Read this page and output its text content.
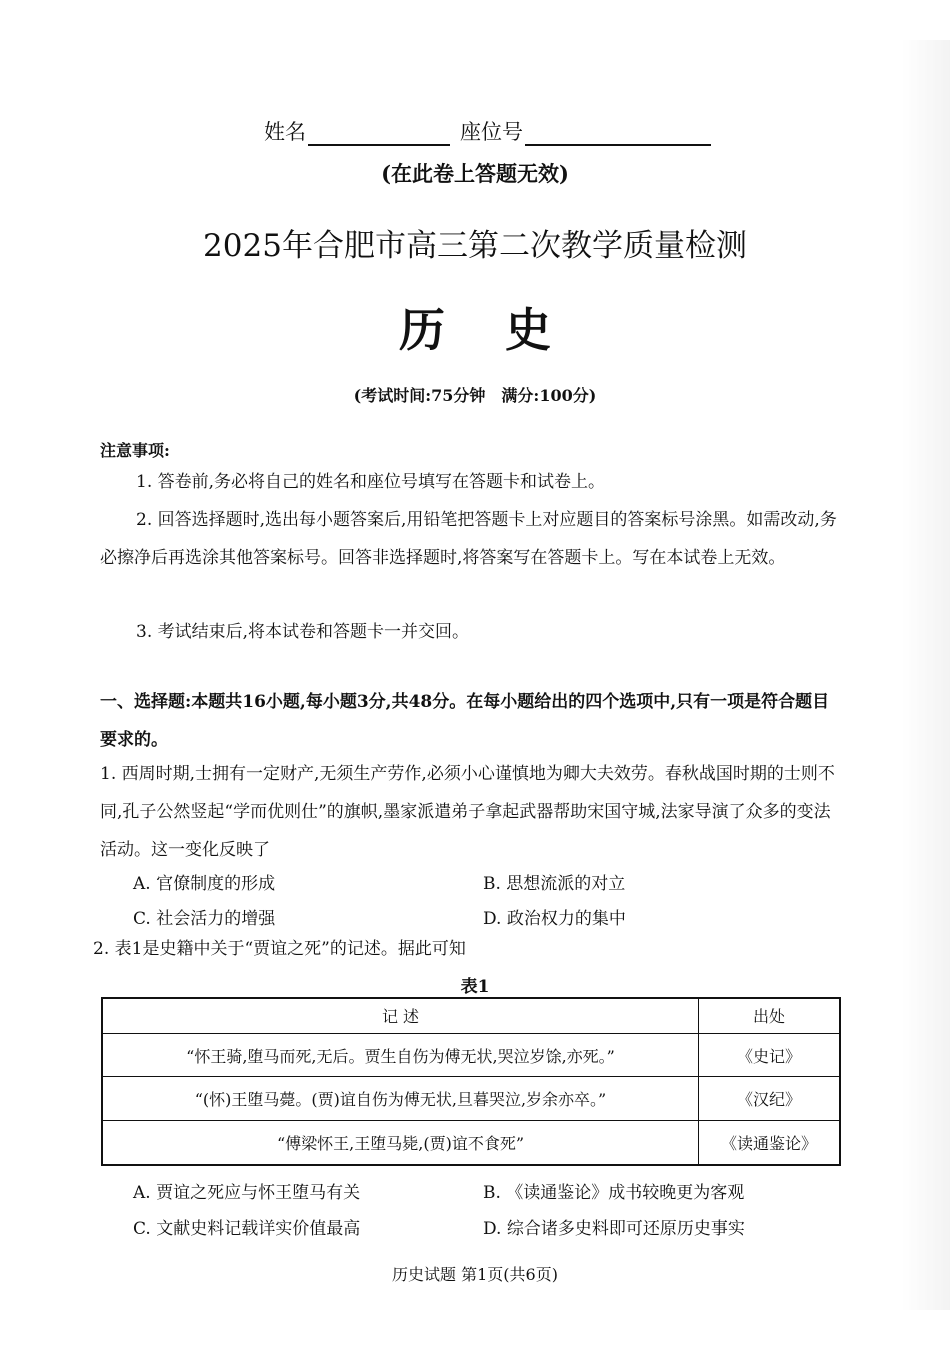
姓名	座位号
(在此卷上答题无效)
2025年合肥市高三第二次教学质量检测
历史
(考试时间:75分钟 满分:100分)
注意事项:
1. 答卷前,务必将自己的姓名和座位号填写在答题卡和试卷上。
2. 回答选择题时,选出每小题答案后,用铅笔把答题卡上对应题目的答案标号涂黑。如需改动,务必擦净后再选涂其他答案标号。回答非选择题时,将答案写在答题卡上。写在本试卷上无效。
3. 考试结束后,将本试卷和答题卡一并交回。
一、选择题:本题共16小题,每小题3分,共48分。在每小题给出的四个选项中,只有一项是符合题目要求的。
1. 西周时期,士拥有一定财产,无须生产劳作,必须小心谨慎地为卿大夫效劳。春秋战国时期的士则不同,孔子公然竖起“学而优则仕”的旗帜,墨家派遣弟子拿起武器帮助宋国守城,法家导演了众多的变法活动。这一变化反映了
A. 官僚制度的形成	B. 思想流派的对立
C. 社会活力的增强	D. 政治权力的集中
2. 表1是史籍中关于“贾谊之死”的记述。据此可知
表1
记 述	出处
“怀王骑,堕马而死,无后。贾生自伤为傅无状,哭泣岁馀,亦死。”	《史记》
“(怀)王堕马薨。(贾)谊自伤为傅无状,旦暮哭泣,岁余亦卒。”	《汉纪》
“傅梁怀王,王堕马毙,(贾)谊不食死”	《读通鉴论》
A. 贾谊之死应与怀王堕马有关	B. 《读通鉴论》成书较晚更为客观
C. 文献史料记载详实价值最高	D. 综合诸多史料即可还原历史事实
历史试题 第1页(共6页)
